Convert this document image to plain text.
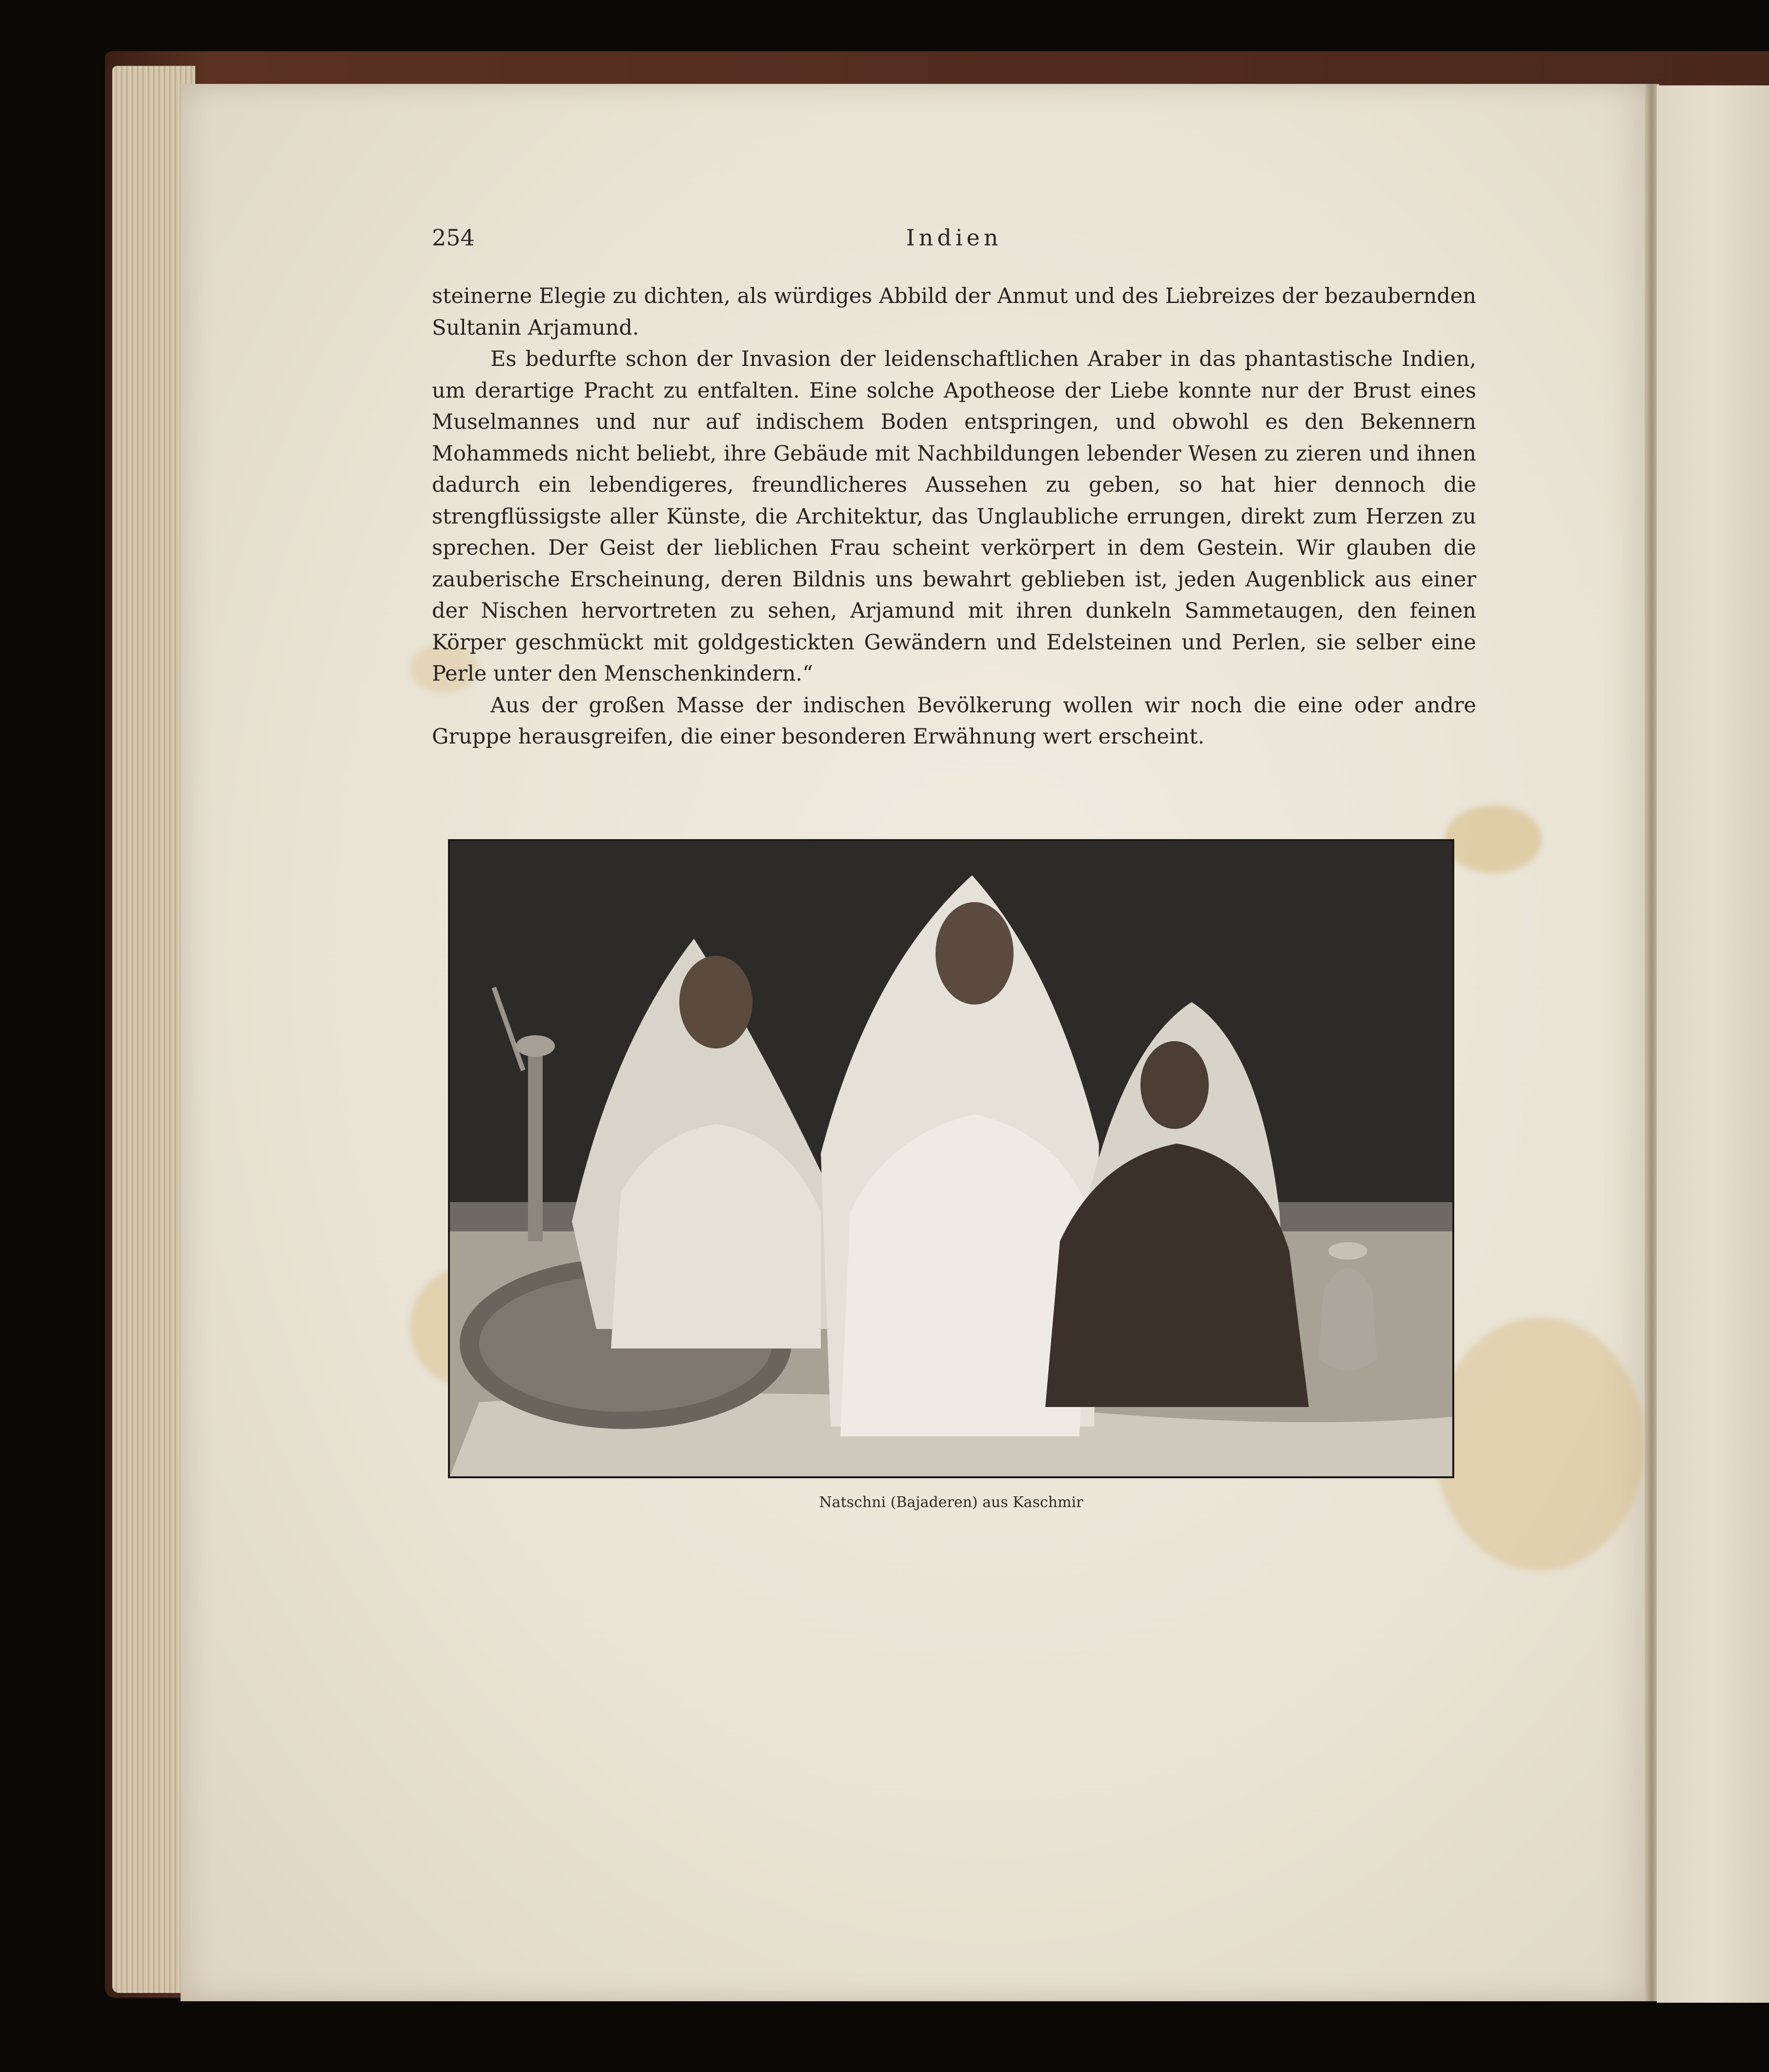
254	Indien

steinerne Elegie zu dichten, als würdiges Abbild der Anmut und des Liebreizes der bezaubernden Sultanin Arjamund.

Es bedurfte schon der Invasion der leidenschaftlichen Araber in das phantastische Indien, um derartige Pracht zu entfalten. Eine solche Apotheose der Liebe konnte nur der Brust eines Muselmannes und nur auf indischem Boden entspringen, und obwohl es den Bekennern Mohammeds nicht beliebt, ihre Gebäude mit Nachbildungen lebender Wesen zu zieren und ihnen dadurch ein lebendigeres, freundlicheres Aussehen zu geben, so hat hier dennoch die strengflüssigste aller Künste, die Architektur, das Unglaubliche errungen, direkt zum Herzen zu sprechen. Der Geist der lieblichen Frau scheint verkörpert in dem Gestein. Wir glauben die zauberische Erscheinung, deren Bildnis uns bewahrt geblieben ist, jeden Augenblick aus einer der Nischen hervortreten zu sehen, Arjamund mit ihren dunkeln Sammetaugen, den feinen Körper geschmückt mit goldgestickten Gewändern und Edelsteinen und Perlen, sie selber eine Perle unter den Menschenkindern.“

Aus der großen Masse der indischen Bevölkerung wollen wir noch die eine oder andre Gruppe herausgreifen, die einer besonderen Erwähnung wert erscheint.

Natschni (Bajaderen) aus Kaschmir
